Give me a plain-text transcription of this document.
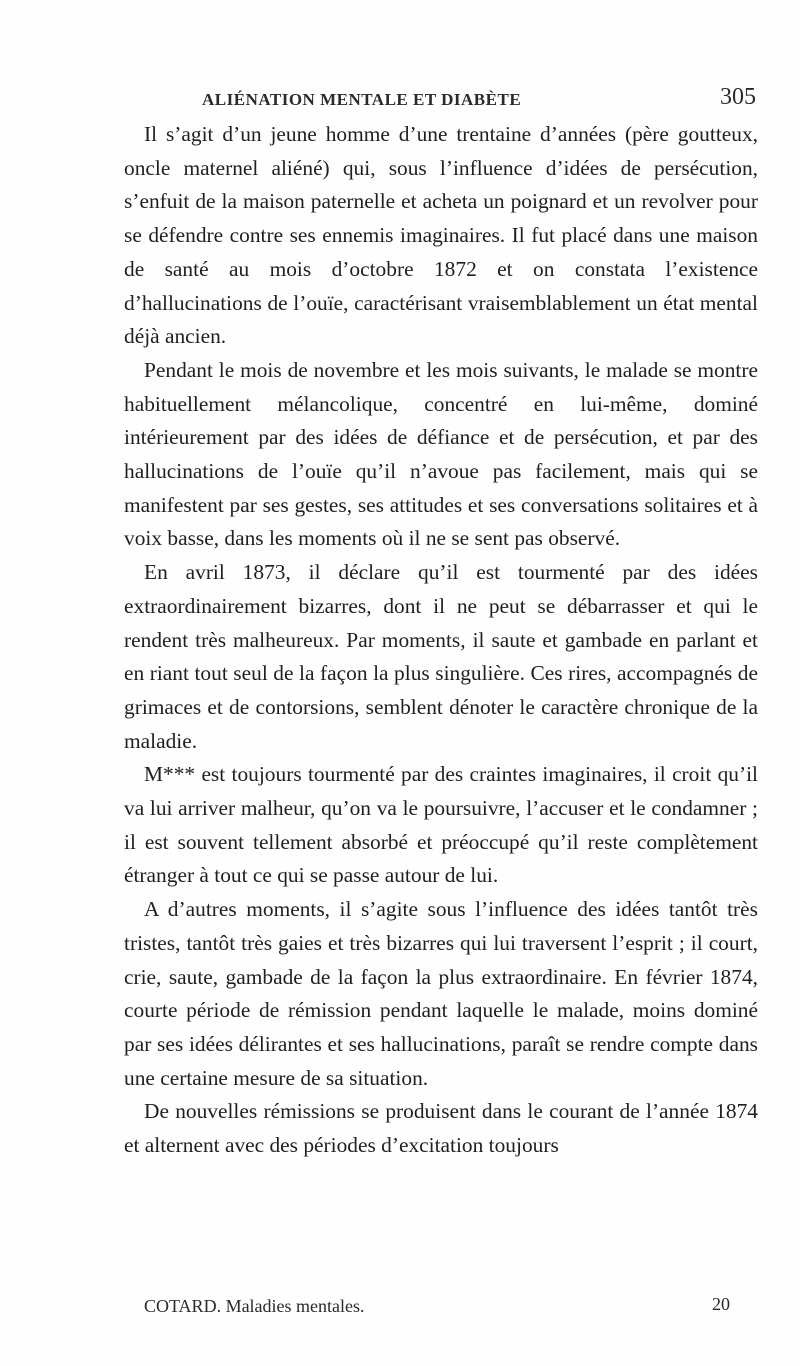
ALIÉNATION MENTALE ET DIABÈTE	305

Il s’agit d’un jeune homme d’une trentaine d’années (père goutteux, oncle maternel aliéné) qui, sous l’influence d’idées de persécution, s’enfuit de la maison paternelle et acheta un poignard et un revolver pour se défendre contre ses ennemis imaginaires. Il fut placé dans une maison de santé au mois d’octobre 1872 et on constata l’existence d’hallucinations de l’ouïe, caractérisant vraisemblablement un état mental déjà ancien.

Pendant le mois de novembre et les mois suivants, le malade se montre habituellement mélancolique, concentré en lui-même, dominé intérieurement par des idées de défiance et de persécution, et par des hallucinations de l’ouïe qu’il n’avoue pas facilement, mais qui se manifestent par ses gestes, ses attitudes et ses conversations solitaires et à voix basse, dans les moments où il ne se sent pas observé.

En avril 1873, il déclare qu’il est tourmenté par des idées extraordinairement bizarres, dont il ne peut se débarrasser et qui le rendent très malheureux. Par moments, il saute et gambade en parlant et en riant tout seul de la façon la plus singulière. Ces rires, accompagnés de grimaces et de contorsions, semblent dénoter le caractère chronique de la maladie.

M*** est toujours tourmenté par des craintes imaginaires, il croit qu’il va lui arriver malheur, qu’on va le poursuivre, l’accuser et le condamner ; il est souvent tellement absorbé et préoccupé qu’il reste complètement étranger à tout ce qui se passe autour de lui.

A d’autres moments, il s’agite sous l’influence des idées tantôt très tristes, tantôt très gaies et très bizarres qui lui traversent l’esprit ; il court, crie, saute, gambade de la façon la plus extraordinaire. En février 1874, courte période de rémission pendant laquelle le malade, moins dominé par ses idées délirantes et ses hallucinations, paraît se rendre compte dans une certaine mesure de sa situation.

De nouvelles rémissions se produisent dans le courant de l’année 1874 et alternent avec des périodes d’excitation toujours

COTARD. Maladies mentales.	20
